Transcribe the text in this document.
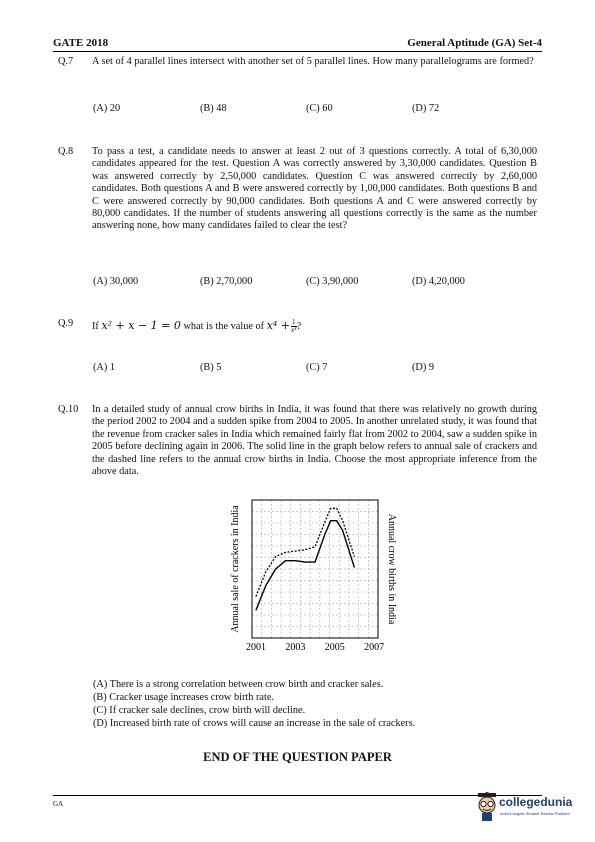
GATE 2018	General Aptitude (GA) Set-4
Q.7 A set of 4 parallel lines intersect with another set of 5 parallel lines. How many parallelograms are formed?
(A) 20	(B) 48	(C) 60	(D) 72
Q.8 To pass a test, a candidate needs to answer at least 2 out of 3 questions correctly. A total of 6,30,000 candidates appeared for the test. Question A was correctly answered by 3,30,000 candidates. Question B was answered correctly by 2,50,000 candidates. Question C was answered correctly by 2,60,000 candidates. Both questions A and B were answered correctly by 1,00,000 candidates. Both questions B and C were answered correctly by 90,000 candidates. Both questions A and C were answered correctly by 80,000 candidates. If the number of students answering all questions correctly is the same as the number answering none, how many candidates failed to clear the test?
(A) 30,000	(B) 2,70,000	(C) 3,90,000	(D) 4,20,000
Q.9 If x² + x − 1 = 0 what is the value of $x^4 + \frac{1}{\text{x⁴}}$ ?
(A) 1	(B) 5	(C) 7	(D) 9
Q.10 In a detailed study of annual crow births in India, it was found that there was relatively no growth during the period 2002 to 2004 and a sudden spike from 2004 to 2005. In another unrelated study, it was found that the revenue from cracker sales in India which remained fairly flat from 2002 to 2004, saw a sudden spike in 2005 before declining again in 2006. The solid line in the graph below refers to annual sale of crackers and the dashed line refers to the annual crow births in India. Choose the most appropriate inference from the above data.
2001 2003 2005 2007
Annual sale of crackers in India	Annual crow births in India
(A) There is a strong correlation between crow birth and cracker sales.
(B) Cracker usage increases crow birth rate.
(C) If cracker sale declines, crow birth will decline.
(D) Increased birth rate of crows will cause an increase in the sale of crackers.
END OF THE QUESTION PAPER
GA	collegedunia
India's largest Student Review Platform
